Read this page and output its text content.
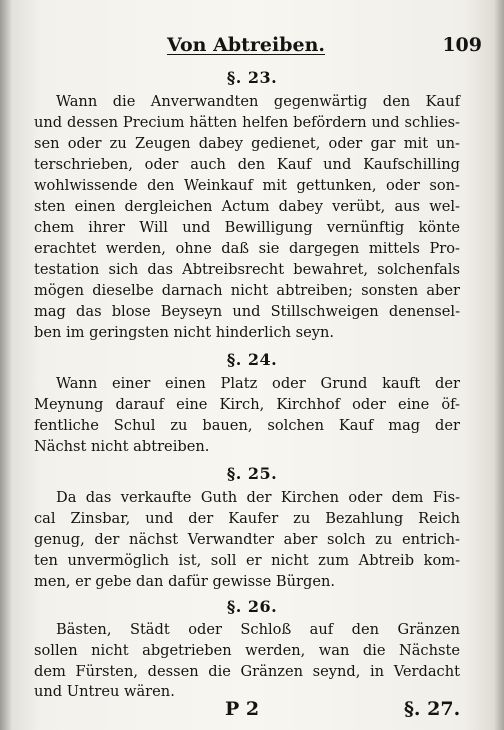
Von Abtreiben.	109
§. 23.
Wann die Anverwandten gegenwärtig den Kauf
und dessen Precium hätten helfen befördern und schlies-
sen oder zu Zeugen dabey gedienet, oder gar mit un-
terschrieben, oder auch den Kauf und Kaufschilling
wohlwissende den Weinkauf mit gettunken, oder son-
sten einen dergleichen Actum dabey verübt, aus wel-
chem ihrer Will und Bewilligung vernünftig könte
erachtet werden, ohne daß sie dargegen mittels Pro-
testation sich das Abtreibsrecht bewahret, solchenfals
mögen dieselbe darnach nicht abtreiben; sonsten aber
mag das blose Beyseyn und Stillschweigen denensel-
ben im geringsten nicht hinderlich seyn.
§. 24.
Wann einer einen Platz oder Grund kauft der
Meynung darauf eine Kirch, Kirchhof oder eine öf-
fentliche Schul zu bauen, solchen Kauf mag der
Nächst nicht abtreiben.
§. 25.
Da das verkaufte Guth der Kirchen oder dem Fis-
cal Zinsbar, und der Kaufer zu Bezahlung Reich
genug, der nächst Verwandter aber solch zu entrich-
ten unvermöglich ist, soll er nicht zum Abtreib kom-
men, er gebe dan dafür gewisse Bürgen.
§. 26.
Bästen, Städt oder Schloß auf den Gränzen
sollen nicht abgetrieben werden, wan die Nächste
dem Fürsten, dessen die Gränzen seynd, in Verdacht
und Untreu wären.
P 2	§. 27.
